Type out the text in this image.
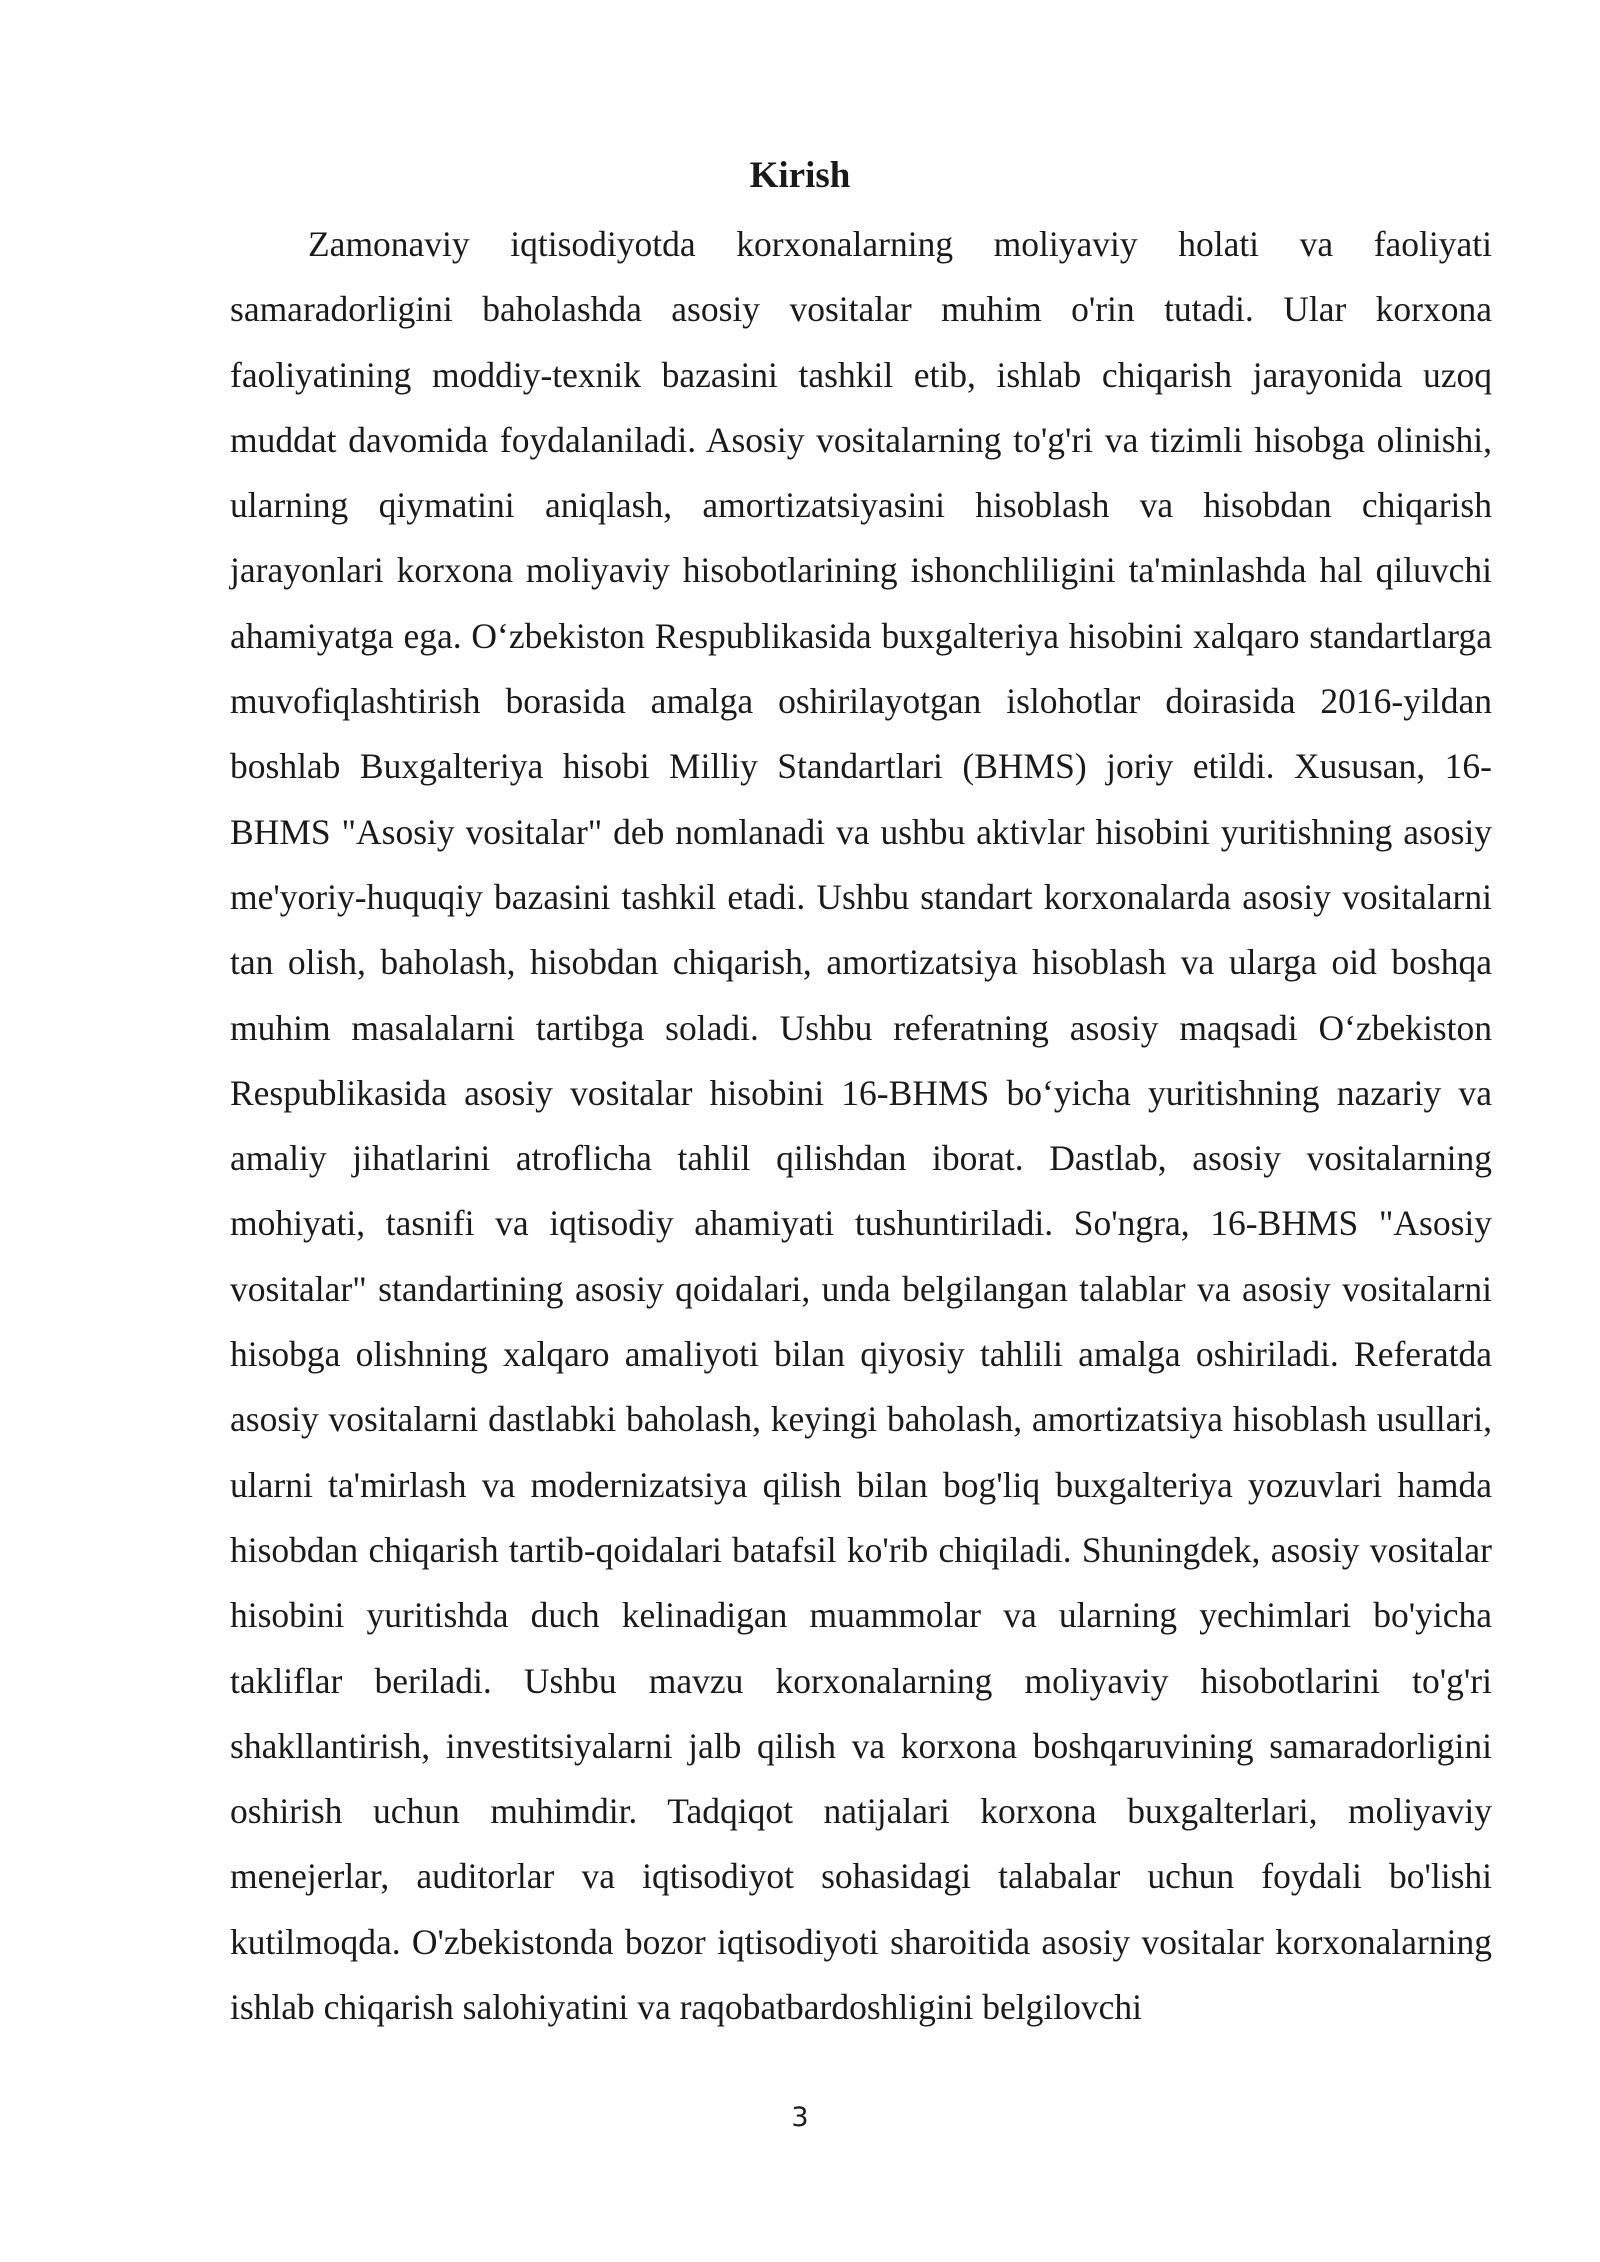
Kirish

Zamonaviy iqtisodiyotda korxonalarning moliyaviy holati va faoliyati samaradorligini baholashda asosiy vositalar muhim o'rin tutadi. Ular korxona faoliyatining moddiy-texnik bazasini tashkil etib, ishlab chiqarish jarayonida uzoq muddat davomida foydalaniladi. Asosiy vositalarning to'g'ri va tizimli hisobga olinishi, ularning qiymatini aniqlash, amortizatsiyasini hisoblash va hisobdan chiqarish jarayonlari korxona moliyaviy hisobotlarining ishonchliligini ta'minlashda hal qiluvchi ahamiyatga ega. O‘zbekiston Respublikasida buxgalteriya hisobini xalqaro standartlarga muvofiqlashtirish borasida amalga oshirilayotgan islohotlar doirasida 2016-yildan boshlab Buxgalteriya hisobi Milliy Standartlari (BHMS) joriy etildi. Xususan, 16-BHMS "Asosiy vositalar" deb nomlanadi va ushbu aktivlar hisobini yuritishning asosiy me'yoriy-huquqiy bazasini tashkil etadi. Ushbu standart korxonalarda asosiy vositalarni tan olish, baholash, hisobdan chiqarish, amortizatsiya hisoblash va ularga oid boshqa muhim masalalarni tartibga soladi. Ushbu referatning asosiy maqsadi O‘zbekiston Respublikasida asosiy vositalar hisobini 16-BHMS bo‘yicha yuritishning nazariy va amaliy jihatlarini atroflicha tahlil qilishdan iborat. Dastlab, asosiy vositalarning mohiyati, tasnifi va iqtisodiy ahamiyati tushuntiriladi. So'ngra, 16-BHMS "Asosiy vositalar" standartining asosiy qoidalari, unda belgilangan talablar va asosiy vositalarni hisobga olishning xalqaro amaliyoti bilan qiyosiy tahlili amalga oshiriladi. Referatda asosiy vositalarni dastlabki baholash, keyingi baholash, amortizatsiya hisoblash usullari, ularni ta'mirlash va modernizatsiya qilish bilan bog'liq buxgalteriya yozuvlari hamda hisobdan chiqarish tartib-qoidalari batafsil ko'rib chiqiladi. Shuningdek, asosiy vositalar hisobini yuritishda duch kelinadigan muammolar va ularning yechimlari bo'yicha takliflar beriladi. Ushbu mavzu korxonalarning moliyaviy hisobotlarini to'g'ri shakllantirish, investitsiyalarni jalb qilish va korxona boshqaruvining samaradorligini oshirish uchun muhimdir. Tadqiqot natijalari korxona buxgalterlari, moliyaviy menejerlar, auditorlar va iqtisodiyot sohasidagi talabalar uchun foydali bo'lishi kutilmoqda. O'zbekistonda bozor iqtisodiyoti sharoitida asosiy vositalar korxonalarning ishlab chiqarish salohiyatini va raqobatbardoshligini belgilovchi

3
